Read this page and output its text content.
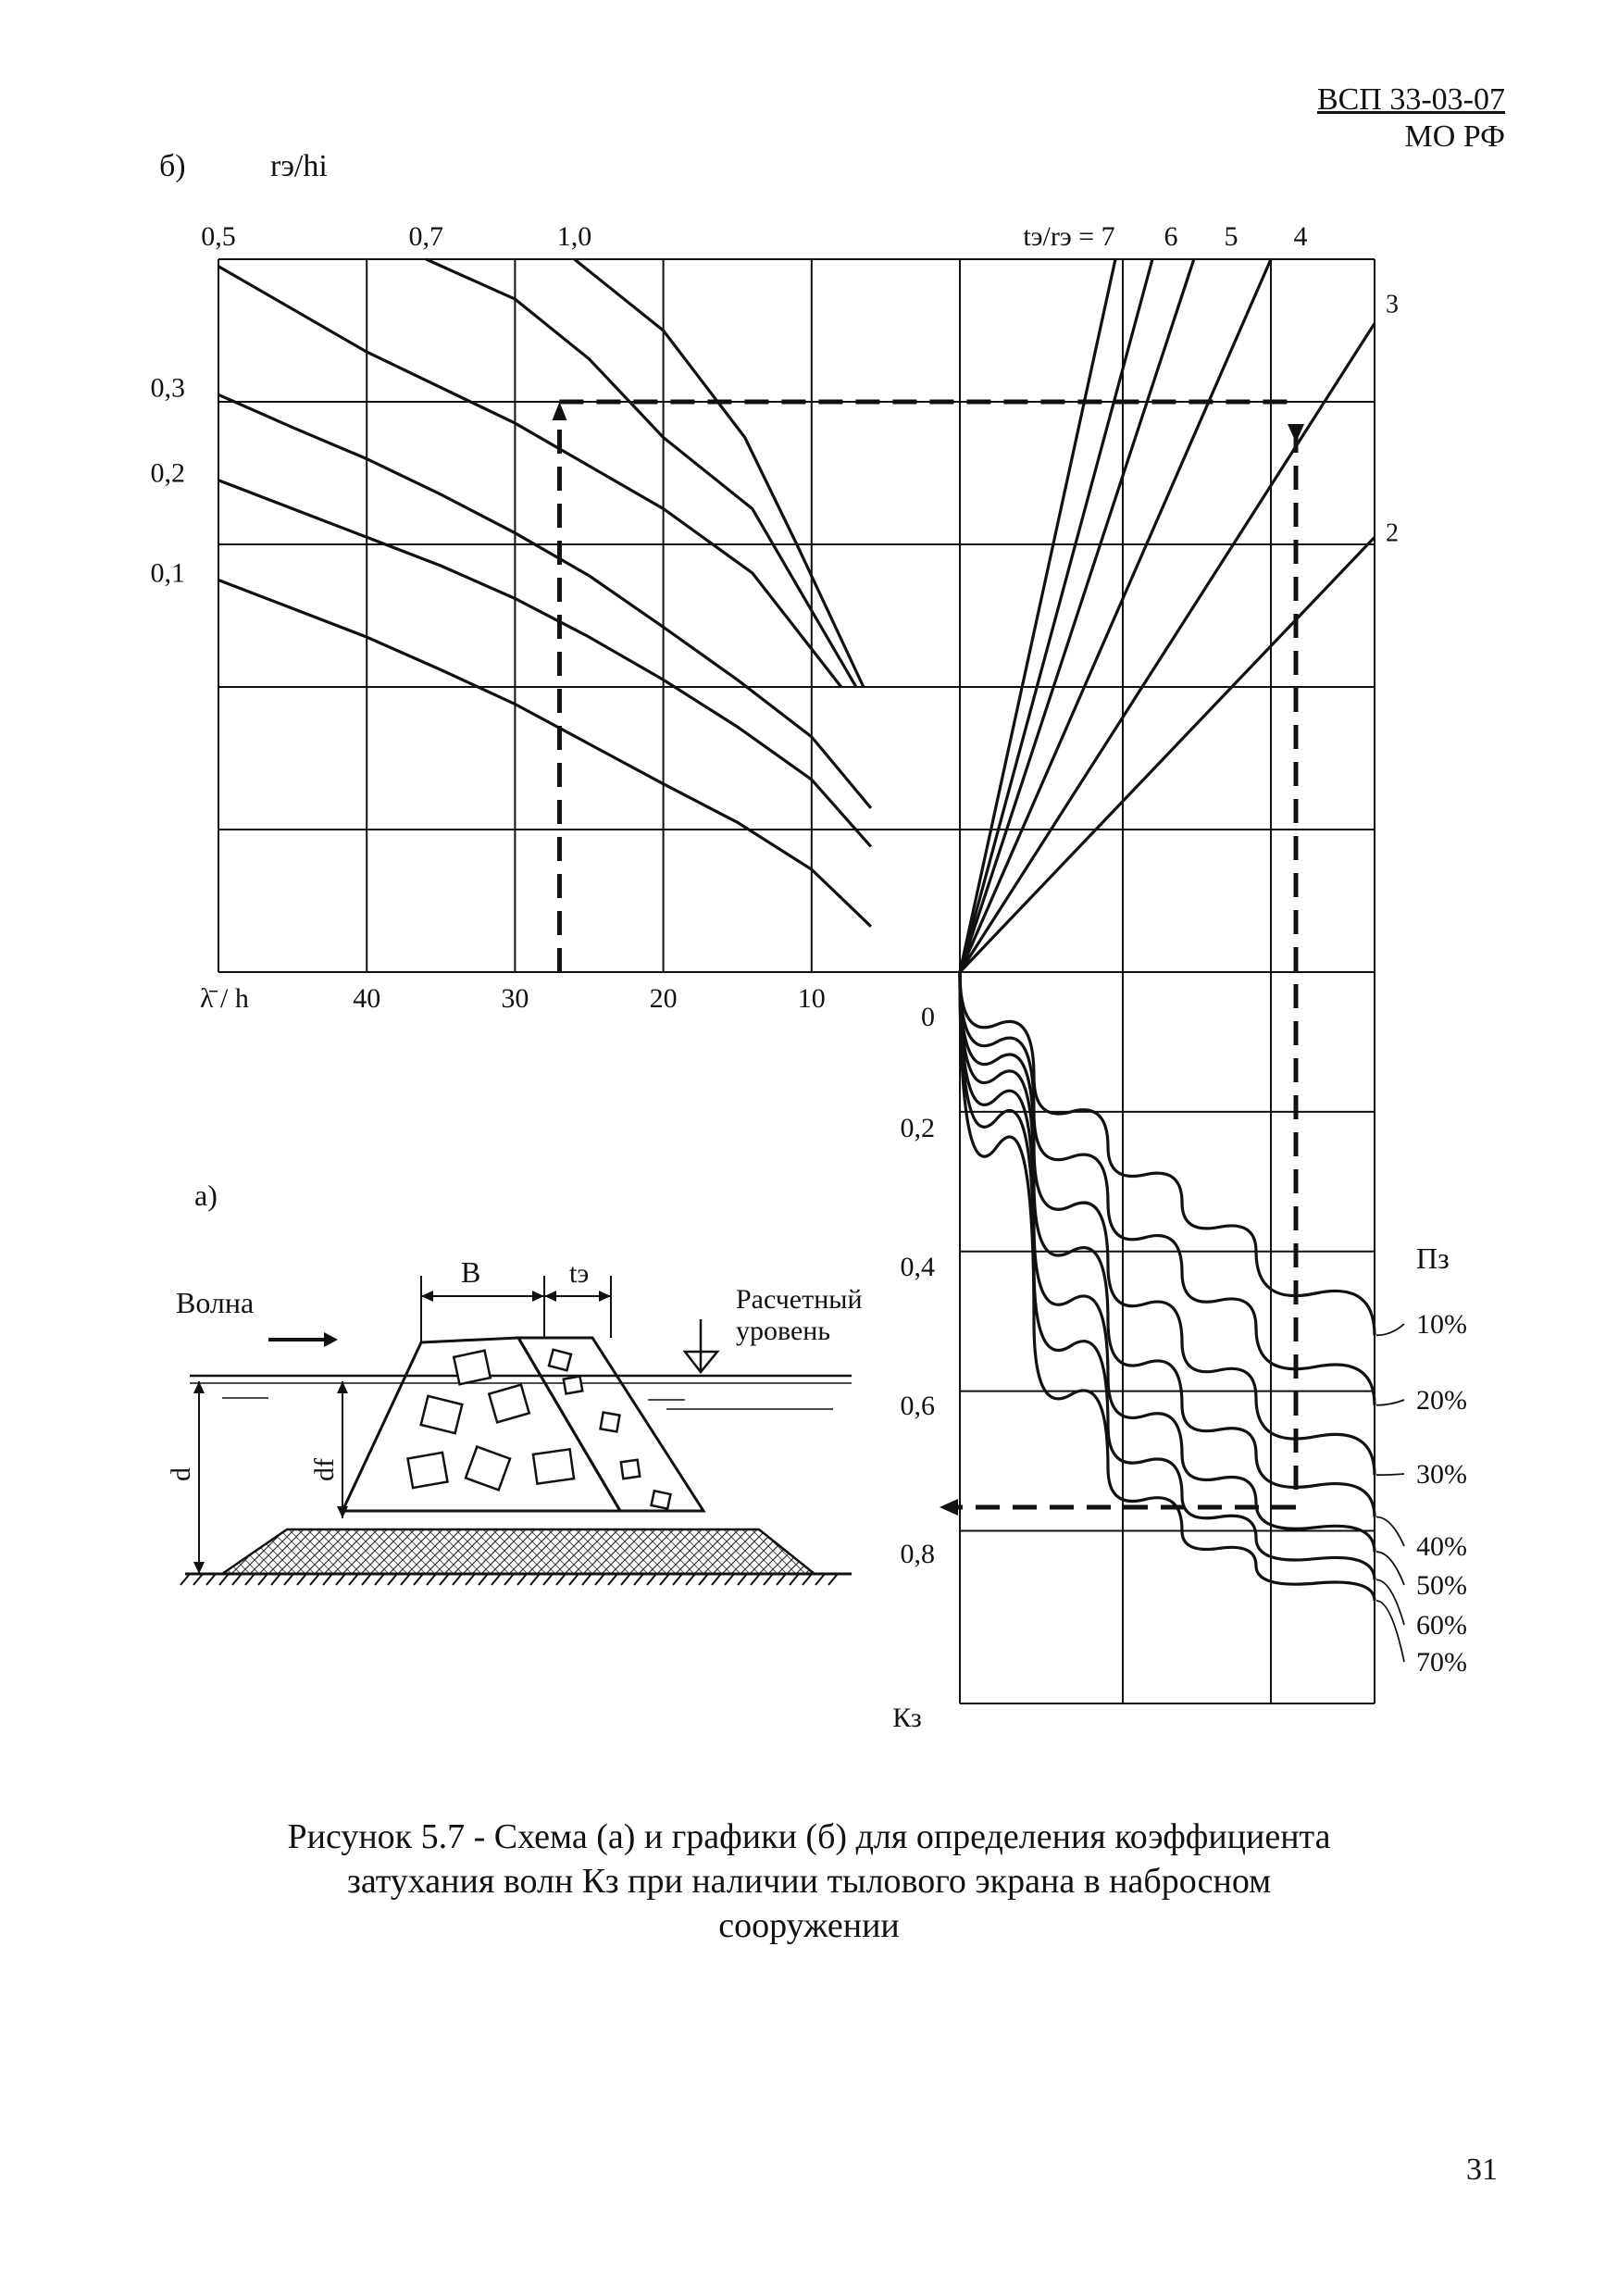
ВСП 33-03-07
МО РФ
б)	rэ/hi
40	30	20	10
λ̄ / h
0,5	0,7	1,0
0,3
0,2
0,1
tэ/rэ = 7 6 5 4
3
2
0
0,2
0,4
0,6
0,8
Кз
Пз
10%
20%
30%
40%
50%
60%
70%
а)
Волна	Расчетный
уровень
d	df
B	tэ
Рисунок 5.7 - Схема (а) и графики (б) для определения коэффициента
затухания волн Кз при наличии тылового экрана в набросном
сооружении
31
